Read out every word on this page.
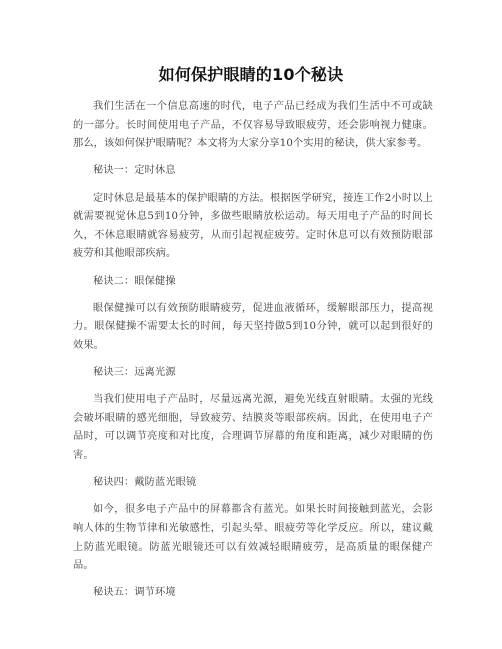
如何保护眼睛的10个秘诀

我们生活在一个信息高速的时代，电子产品已经成为我们生活中不可或缺的一部分。长时间使用电子产品，不仅容易导致眼疲劳，还会影响视力健康。那么，该如何保护眼睛呢？本文将为大家分享10个实用的秘诀，供大家参考。

秘诀一：定时休息

定时休息是最基本的保护眼睛的方法。根据医学研究，接连工作2小时以上就需要视觉休息5到10分钟，多做些眼睛放松运动。每天用电子产品的时间长久，不休息眼睛就容易疲劳，从而引起视症疲劳。定时休息可以有效预防眼部疲劳和其他眼部疾病。

秘诀二：眼保健操

眼保健操可以有效预防眼睛疲劳，促进血液循环，缓解眼部压力，提高视力。眼保健操不需要太长的时间，每天坚持做5到10分钟，就可以起到很好的效果。

秘诀三：远离光源

当我们使用电子产品时，尽量远离光源，避免光线直射眼睛。太强的光线会破坏眼睛的感光细胞，导致疲劳、结膜炎等眼部疾病。因此，在使用电子产品时，可以调节亮度和对比度，合理调节屏幕的角度和距离，减少对眼睛的伤害。

秘诀四：戴防蓝光眼镜

如今，很多电子产品中的屏幕都含有蓝光。如果长时间接触到蓝光，会影响人体的生物节律和光敏感性，引起头晕、眼疲劳等化学反应。所以，建议戴上防蓝光眼镜。防蓝光眼镜还可以有效减轻眼睛疲劳，是高质量的眼保健产品。

秘诀五：调节环境
